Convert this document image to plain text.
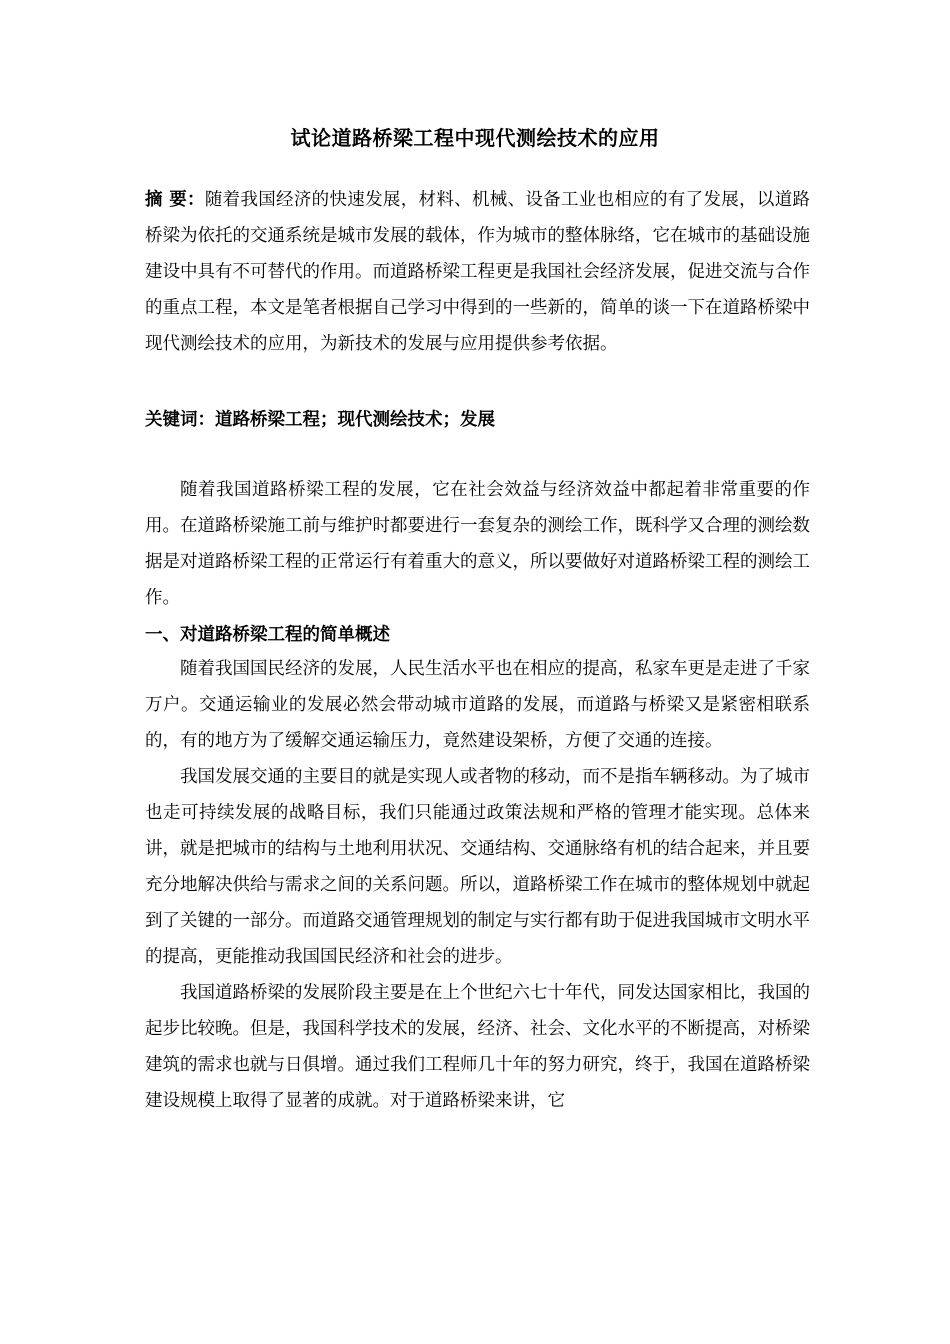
试论道路桥梁工程中现代测绘技术的应用
摘 要：随着我国经济的快速发展，材料、机械、设备工业也相应的有了发展，以道路桥梁为依托的交通系统是城市发展的载体，作为城市的整体脉络，它在城市的基础设施建设中具有不可替代的作用。而道路桥梁工程更是我国社会经济发展，促进交流与合作的重点工程，本文是笔者根据自己学习中得到的一些新的，简单的谈一下在道路桥梁中现代测绘技术的应用，为新技术的发展与应用提供参考依据。
关键词：道路桥梁工程；现代测绘技术；发展

随着我国道路桥梁工程的发展，它在社会效益与经济效益中都起着非常重要的作用。在道路桥梁施工前与维护时都要进行一套复杂的测绘工作，既科学又合理的测绘数据是对道路桥梁工程的正常运行有着重大的意义，所以要做好对道路桥梁工程的测绘工作。

一、对道路桥梁工程的简单概述

随着我国国民经济的发展，人民生活水平也在相应的提高，私家车更是走进了千家万户。交通运输业的发展必然会带动城市道路的发展，而道路与桥梁又是紧密相联系的，有的地方为了缓解交通运输压力，竟然建设架桥，方便了交通的连接。

我国发展交通的主要目的就是实现人或者物的移动，而不是指车辆移动。为了城市也走可持续发展的战略目标，我们只能通过政策法规和严格的管理才能实现。总体来讲，就是把城市的结构与土地利用状况、交通结构、交通脉络有机的结合起来，并且要充分地解决供给与需求之间的关系问题。所以，道路桥梁工作在城市的整体规划中就起到了关键的一部分。而道路交通管理规划的制定与实行都有助于促进我国城市文明水平的提高，更能推动我国国民经济和社会的进步。

我国道路桥梁的发展阶段主要是在上个世纪六七十年代，同发达国家相比，我国的起步比较晚。但是，我国科学技术的发展，经济、社会、文化水平的不断提高，对桥梁建筑的需求也就与日俱增。通过我们工程师几十年的努力研究，终于，我国在道路桥梁建设规模上取得了显著的成就。对于道路桥梁来讲，它
